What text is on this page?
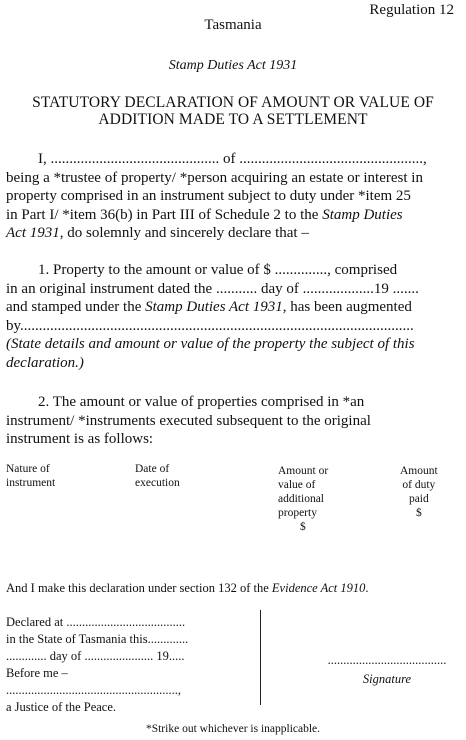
Regulation 12
Tasmania
Stamp Duties Act 1931
STATUTORY DECLARATION OF AMOUNT OR VALUE OF
ADDITION MADE TO A SETTLEMENT
I, ............................................. of .................................................,
being a *trustee of property/ *person acquiring an estate or interest in
property comprised in an instrument subject to duty under *item 25
in Part I/ *item 36(b) in Part III of Schedule 2 to the Stamp Duties
Act 1931, do solemnly and sincerely declare that –
1. Property to the amount or value of $ .............., comprised
in an original instrument dated the ........... day of ...................19 .......
and stamped under the Stamp Duties Act 1931, has been augmented
by.........................................................................................................
(State details and amount or value of the property the subject of this
declaration.)
2. The amount or value of properties comprised in *an
instrument/ *instruments executed subsequent to the original
instrument is as follows:
Nature of
instrument
Date of
execution
Amount or
value of
additional
property
$
Amount
of duty
paid
$
And I make this declaration under section 132 of the Evidence Act 1910.
Declared at ......................................
in the State of Tasmania this.............
............. day of ...................... 19.....
Before me –
.......................................................,
a Justice of the Peace.
......................................
Signature
*Strike out whichever is inapplicable.
